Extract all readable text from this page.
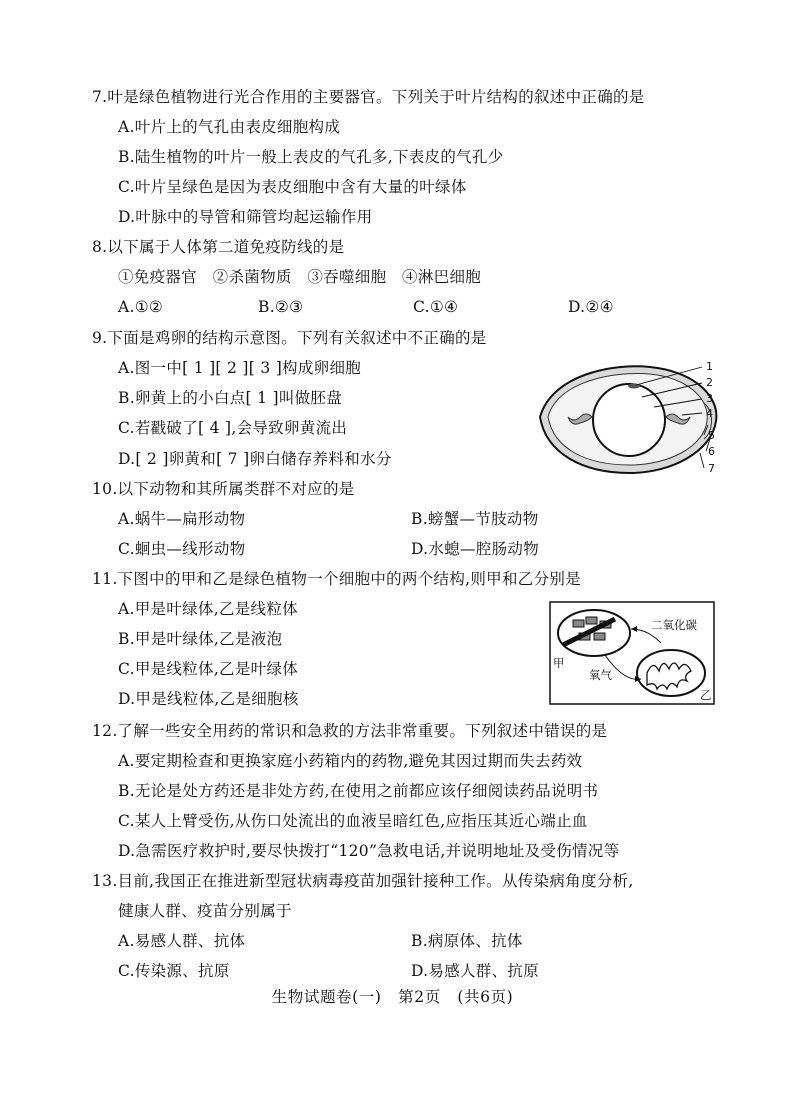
7.叶是绿色植物进行光合作用的主要器官。下列关于叶片结构的叙述中正确的是
A.叶片上的气孔由表皮细胞构成
B.陆生植物的叶片一般上表皮的气孔多,下表皮的气孔少
C.叶片呈绿色是因为表皮细胞中含有大量的叶绿体
D.叶脉中的导管和筛管均起运输作用
8.以下属于人体第二道免疫防线的是
①免疫器官   ②杀菌物质   ③吞噬细胞   ④淋巴细胞
A.①②	B.②③	C.①④	D.②④
9.下面是鸡卵的结构示意图。下列有关叙述中不正确的是
A.图一中[ 1 ][ 2 ][ 3 ]构成卵细胞
B.卵黄上的小白点[ 1 ]叫做胚盘
C.若戳破了[ 4 ],会导致卵黄流出
D.[ 2 ]卵黄和[ 7 ]卵白储存养料和水分
1
2
3
4
5
6
7
10.以下动物和其所属类群不对应的是
A.蜗牛—扁形动物	B.螃蟹—节肢动物
C.蛔虫—线形动物	D.水螅—腔肠动物
11.下图中的甲和乙是绿色植物一个细胞中的两个结构,则甲和乙分别是
A.甲是叶绿体,乙是线粒体
B.甲是叶绿体,乙是液泡
C.甲是线粒体,乙是叶绿体
D.甲是线粒体,乙是细胞核
二氧化碳
氧气
甲
乙
12.了解一些安全用药的常识和急救的方法非常重要。下列叙述中错误的是
A.要定期检查和更换家庭小药箱内的药物,避免其因过期而失去药效
B.无论是处方药还是非处方药,在使用之前都应该仔细阅读药品说明书
C.某人上臂受伤,从伤口处流出的血液呈暗红色,应指压其近心端止血
D.急需医疗救护时,要尽快拨打“120”急救电话,并说明地址及受伤情况等
13.目前,我国正在推进新型冠状病毒疫苗加强针接种工作。从传染病角度分析,
健康人群、疫苗分别属于
A.易感人群、抗体	B.病原体、抗体
C.传染源、抗原	D.易感人群、抗原
生物试题卷(一)   第2页   (共6页)
